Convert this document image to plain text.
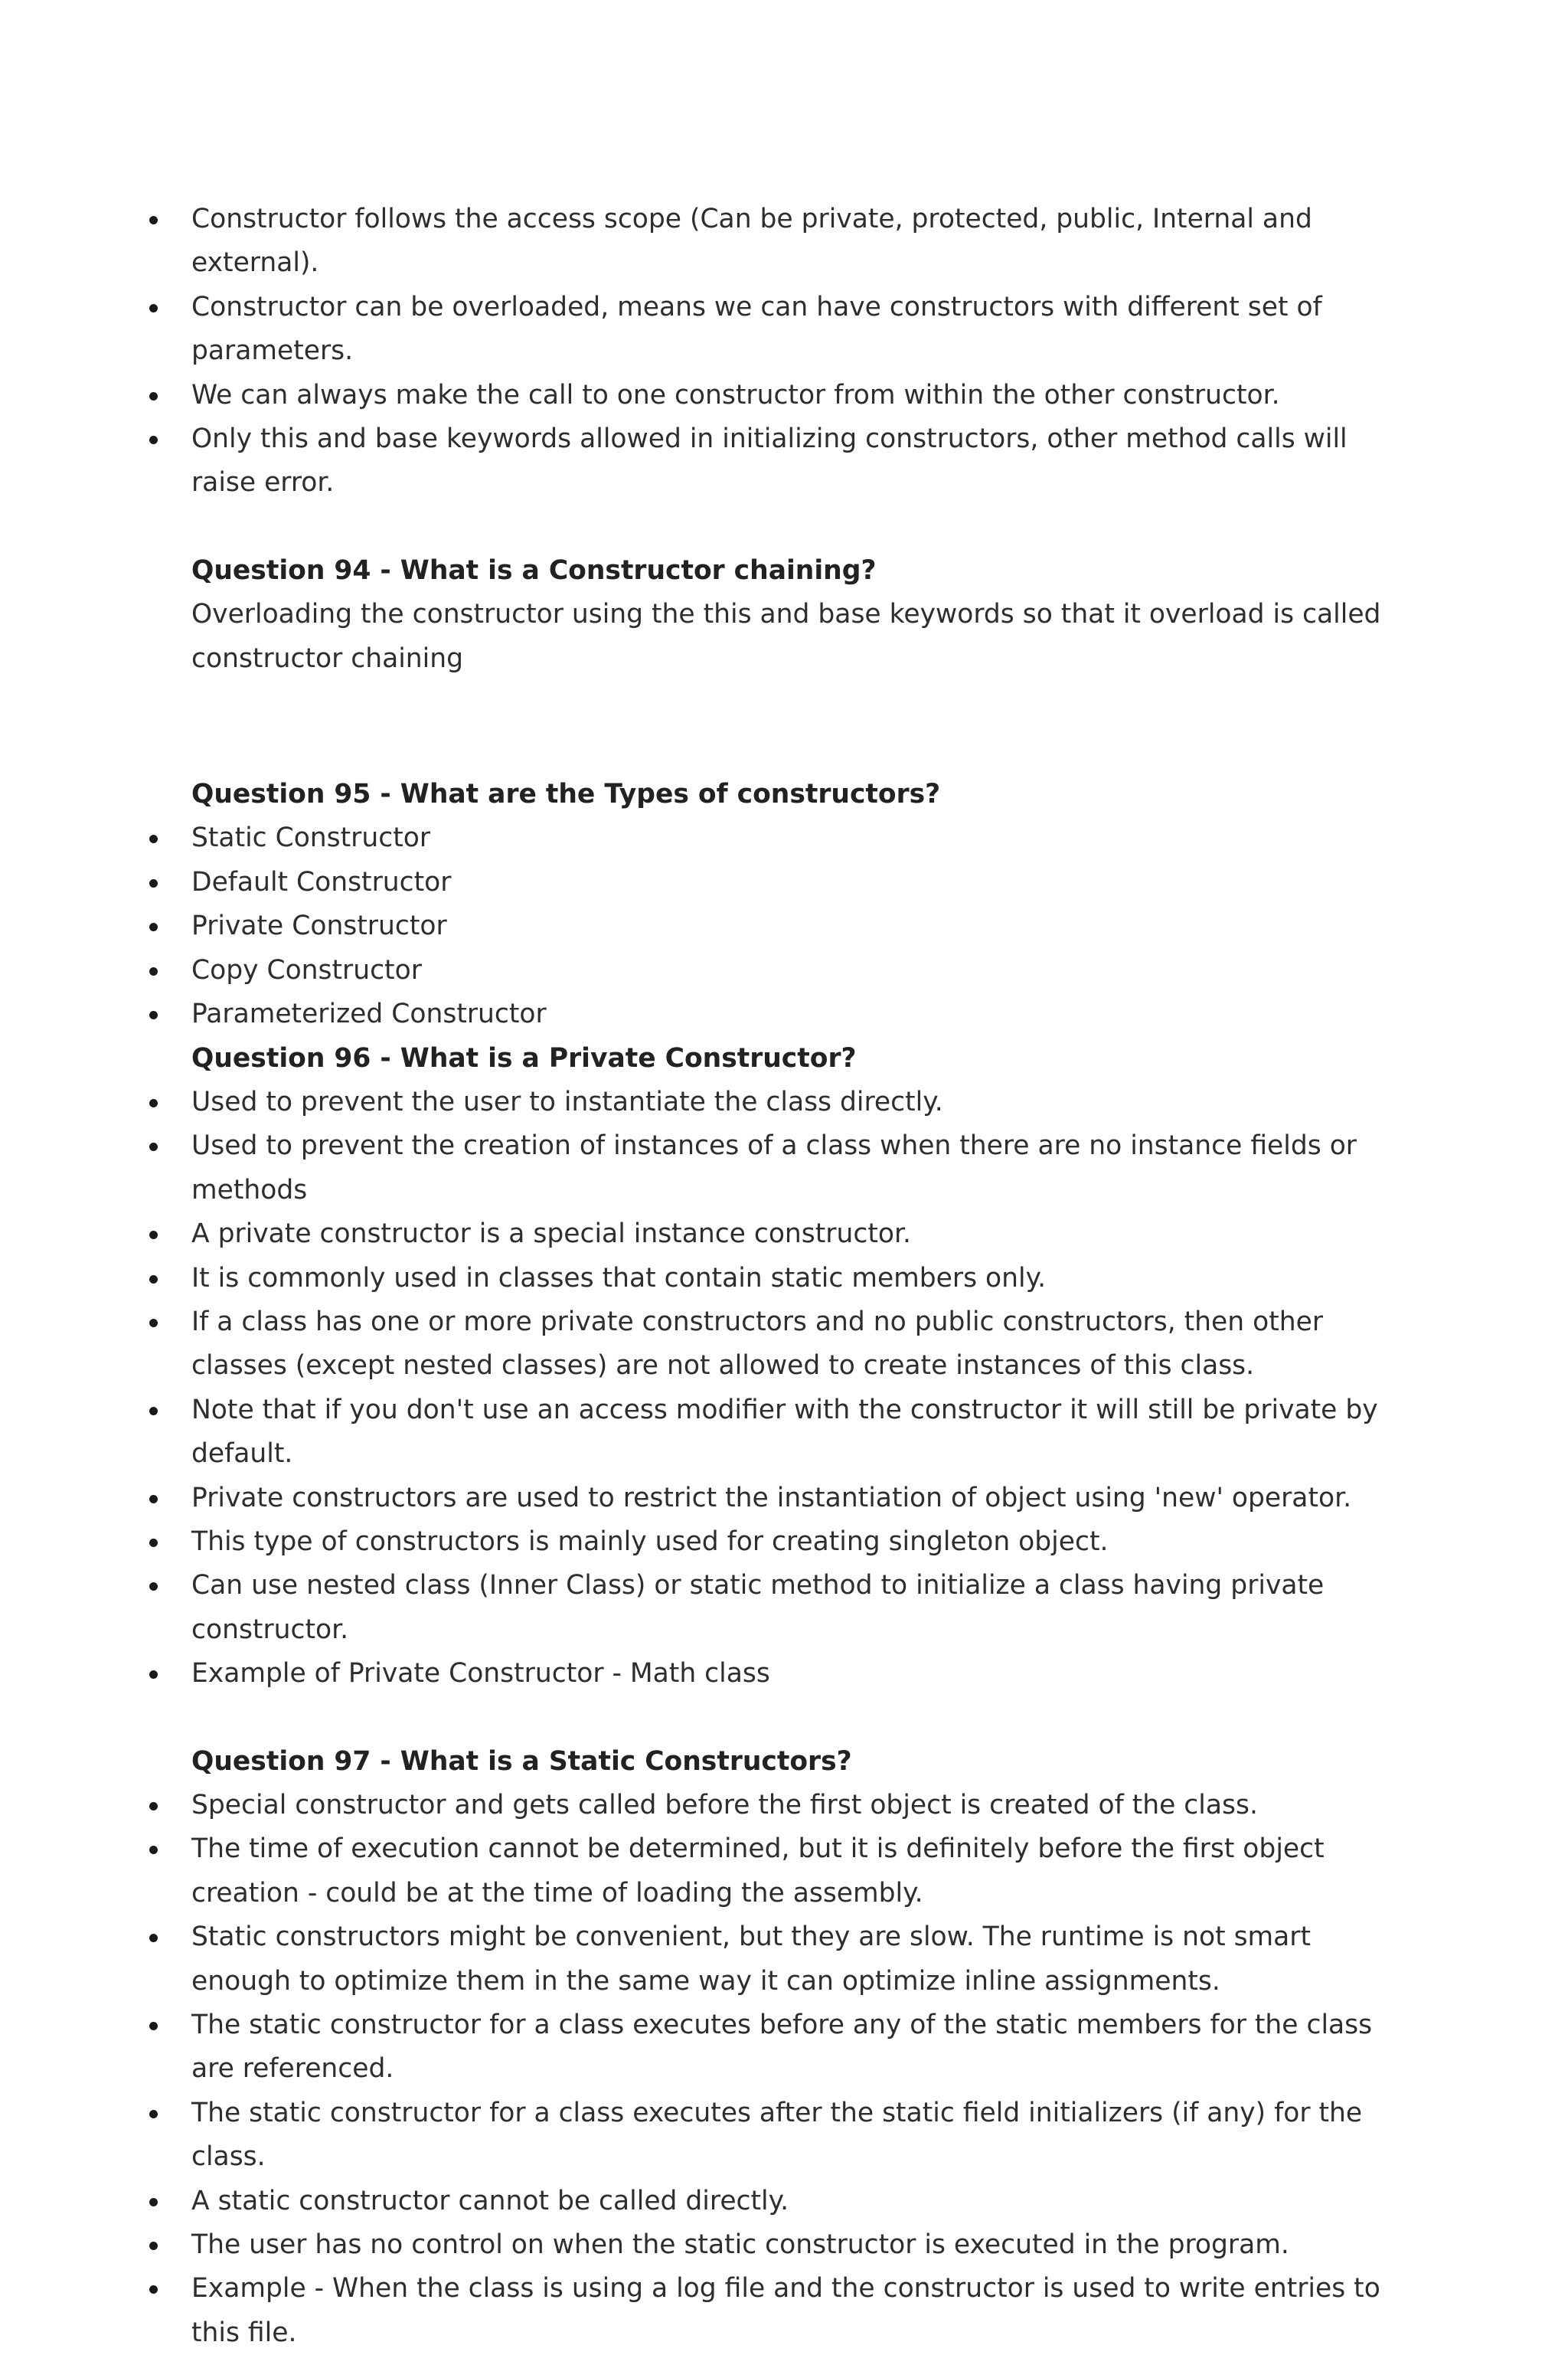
Constructor follows the access scope (Can be private, protected, public, Internal and external).
Constructor can be overloaded, means we can have constructors with different set of parameters.
We can always make the call to one constructor from within the other constructor.
Only this and base keywords allowed in initializing constructors, other method calls will raise error.

Question 94 - What is a Constructor chaining?

Overloading the constructor using the this and base keywords so that it overload is called constructor chaining

Question 95 - What are the Types of constructors?

Static Constructor
Default Constructor
Private Constructor
Copy Constructor
Parameterized Constructor

Question 96 - What is a Private Constructor?

Used to prevent the user to instantiate the class directly.
Used to prevent the creation of instances of a class when there are no instance fields or methods
A private constructor is a special instance constructor.
It is commonly used in classes that contain static members only.
If a class has one or more private constructors and no public constructors, then other classes (except nested classes) are not allowed to create instances of this class.
Note that if you don't use an access modifier with the constructor it will still be private by default.
Private constructors are used to restrict the instantiation of object using 'new' operator.
This type of constructors is mainly used for creating singleton object.
Can use nested class (Inner Class) or static method to initialize a class having private constructor.
Example of Private Constructor - Math class

Question 97 - What is a Static Constructors?

Special constructor and gets called before the first object is created of the class.
The time of execution cannot be determined, but it is definitely before the first object creation - could be at the time of loading the assembly.
Static constructors might be convenient, but they are slow. The runtime is not smart enough to optimize them in the same way it can optimize inline assignments.
The static constructor for a class executes before any of the static members for the class are referenced.
The static constructor for a class executes after the static field initializers (if any) for the class.
A static constructor cannot be called directly.
The user has no control on when the static constructor is executed in the program.
Example - When the class is using a log file and the constructor is used to write entries to this file.
